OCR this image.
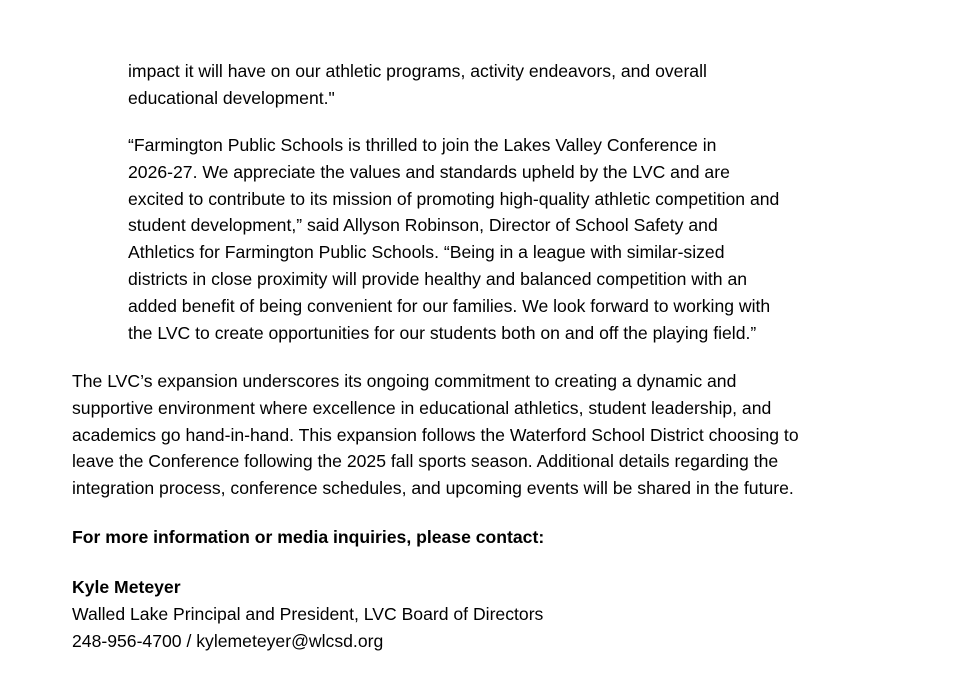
impact it will have on our athletic programs, activity endeavors, and overall
educational development."

“Farmington Public Schools is thrilled to join the Lakes Valley Conference in
2026-27. We appreciate the values and standards upheld by the LVC and are
excited to contribute to its mission of promoting high-quality athletic competition and
student development,” said Allyson Robinson, Director of School Safety and
Athletics for Farmington Public Schools. “Being in a league with similar-sized
districts in close proximity will provide healthy and balanced competition with an
added benefit of being convenient for our families. We look forward to working with
the LVC to create opportunities for our students both on and off the playing field.”

The LVC’s expansion underscores its ongoing commitment to creating a dynamic and
supportive environment where excellence in educational athletics, student leadership, and
academics go hand-in-hand. This expansion follows the Waterford School District choosing to
leave the Conference following the 2025 fall sports season. Additional details regarding the
integration process, conference schedules, and upcoming events will be shared in the future.

For more information or media inquiries, please contact:

Kyle Meteyer
Walled Lake Principal and President, LVC Board of Directors
248-956-4700 / kylemeteyer@wlcsd.org
